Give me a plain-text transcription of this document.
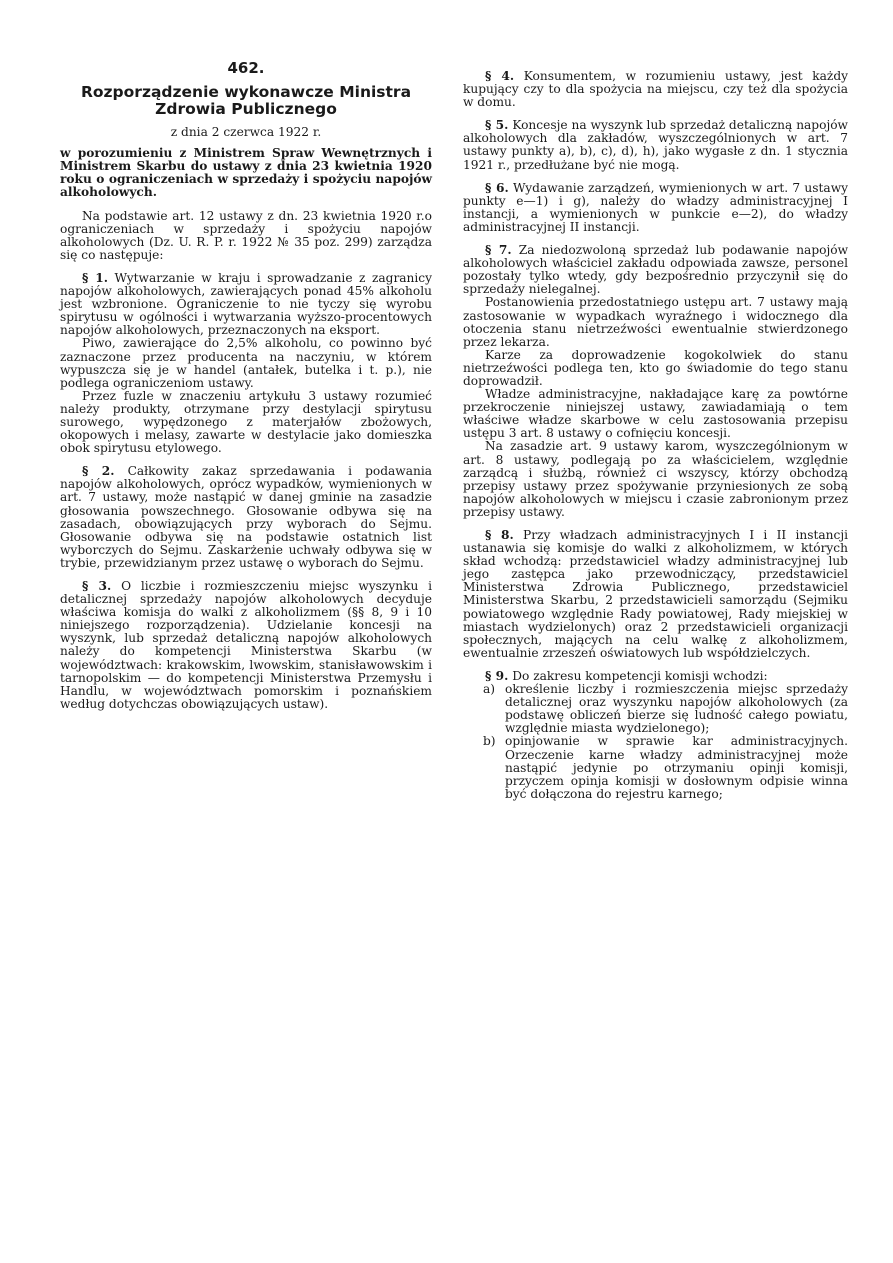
462.
Rozporządzenie wykonawcze Ministra Zdrowia Publicznego
z dnia 2 czerwca 1922 r.

w porozumieniu z Ministrem Spraw Wewnętrznych i Ministrem Skarbu do ustawy z dnia 23 kwietnia 1920 roku o ograniczeniach w sprzedaży i spożyciu napojów alkoholowych.

Na podstawie art. 12 ustawy z dn. 23 kwietnia 1920 r.o ograniczeniach w sprzedaży i spożyciu napojów alkoholowych (Dz. U. R. P. r. 1922 № 35 poz. 299) zarządza się co następuje:

§ 1. Wytwarzanie w kraju i sprowadzanie z zagranicy napojów alkoholowych, zawierających ponad 45% alkoholu jest wzbronione. Ograniczenie to nie tyczy się wyrobu spirytusu w ogólności i wytwarzania wyższo-procentowych napojów alkoholowych, przeznaczonych na eksport.

Piwo, zawierające do 2,5% alkoholu, co powinno być zaznaczone przez producenta na naczyniu, w którem wypuszcza się je w handel (antałek, butelka i t. p.), nie podlega ograniczeniom ustawy.

Przez fuzle w znaczeniu artykułu 3 ustawy rozumieć należy produkty, otrzymane przy destylacji spirytusu surowego, wypędzonego z materjałów zbożowych, okopowych i melasy, zawarte w destylacie jako domieszka obok spirytusu etylowego.

§ 2. Całkowity zakaz sprzedawania i podawania napojów alkoholowych, oprócz wypadków, wymienionych w art. 7 ustawy, może nastąpić w danej gminie na zasadzie głosowania powszechnego. Głosowanie odbywa się na zasadach, obowiązujących przy wyborach do Sejmu. Głosowanie odbywa się na podstawie ostatnich list wyborczych do Sejmu. Zaskarżenie uchwały odbywa się w trybie, przewidzianym przez ustawę o wyborach do Sejmu.

§ 3. O liczbie i rozmieszczeniu miejsc wyszynku i detalicznej sprzedaży napojów alkoholowych decyduje właściwa komisja do walki z alkoholizmem (§§ 8, 9 i 10 niniejszego rozporządzenia). Udzielanie koncesji na wyszynk, lub sprzedaż detaliczną napojów alkoholowych należy do kompetencji Ministerstwa Skarbu (w województwach: krakowskim, lwowskim, stanisławowskim i tarnopolskim — do kompetencji Ministerstwa Przemysłu i Handlu, w województwach pomorskim i poznańskiem według dotychczas obowiązujących ustaw).

§ 4. Konsumentem, w rozumieniu ustawy, jest każdy kupujący czy to dla spożycia na miejscu, czy też dla spożycia w domu.

§ 5. Koncesje na wyszynk lub sprzedaż detaliczną napojów alkoholowych dla zakładów, wyszczególnionych w art. 7 ustawy punkty a), b), c), d), h), jako wygasłe z dn. 1 stycznia 1921 r., przedłużane być nie mogą.

§ 6. Wydawanie zarządzeń, wymienionych w art. 7 ustawy punkty e—1) i g), należy do władzy administracyjnej I instancji, a wymienionych w punkcie e—2), do władzy administracyjnej II instancji.

§ 7. Za niedozwoloną sprzedaż lub podawanie napojów alkoholowych właściciel zakładu odpowiada zawsze, personel pozostały tylko wtedy, gdy bezpośrednio przyczynił się do sprzedaży nielegalnej.

Postanowienia przedostatniego ustępu art. 7 ustawy mają zastosowanie w wypadkach wyraźnego i widocznego dla otoczenia stanu nietrzeźwości ewentualnie stwierdzonego przez lekarza.

Karze za doprowadzenie kogokolwiek do stanu nietrzeźwości podlega ten, kto go świadomie do tego stanu doprowadził.

Władze administracyjne, nakładające karę za powtórne przekroczenie niniejszej ustawy, zawiadamiają o tem właściwe władze skarbowe w celu zastosowania przepisu ustępu 3 art. 8 ustawy o cofnięciu koncesji.

Na zasadzie art. 9 ustawy karom, wyszczególnionym w art. 8 ustawy, podlegają po za właścicielem, względnie zarządcą i służbą, również ci wszyscy, którzy obchodzą przepisy ustawy przez spożywanie przyniesionych ze sobą napojów alkoholowych w miejscu i czasie zabronionym przez przepisy ustawy.

§ 8. Przy władzach administracyjnych I i II instancji ustanawia się komisje do walki z alkoholizmem, w których skład wchodzą: przedstawiciel władzy administracyjnej lub jego zastępca jako przewodniczący, przedstawiciel Ministerstwa Zdrowia Publicznego, przedstawiciel Ministerstwa Skarbu, 2 przedstawicieli samorządu (Sejmiku powiatowego względnie Rady powiatowej, Rady miejskiej w miastach wydzielonych) oraz 2 przedstawicieli organizacji społecznych, mających na celu walkę z alkoholizmem, ewentualnie zrzeszeń oświatowych lub współdzielczych.

§ 9. Do zakresu kompetencji komisji wchodzi:

a) określenie liczby i rozmieszczenia miejsc sprzedaży detalicznej oraz wyszynku napojów alkoholowych (za podstawę obliczeń bierze się ludność całego powiatu, względnie miasta wydzielonego);
b) opinjowanie w sprawie kar administracyjnych. Orzeczenie karne władzy administracyjnej może nastąpić jedynie po otrzymaniu opinji komisji, przyczem opinja komisji w dosłownym odpisie winna być dołączona do rejestru karnego;
